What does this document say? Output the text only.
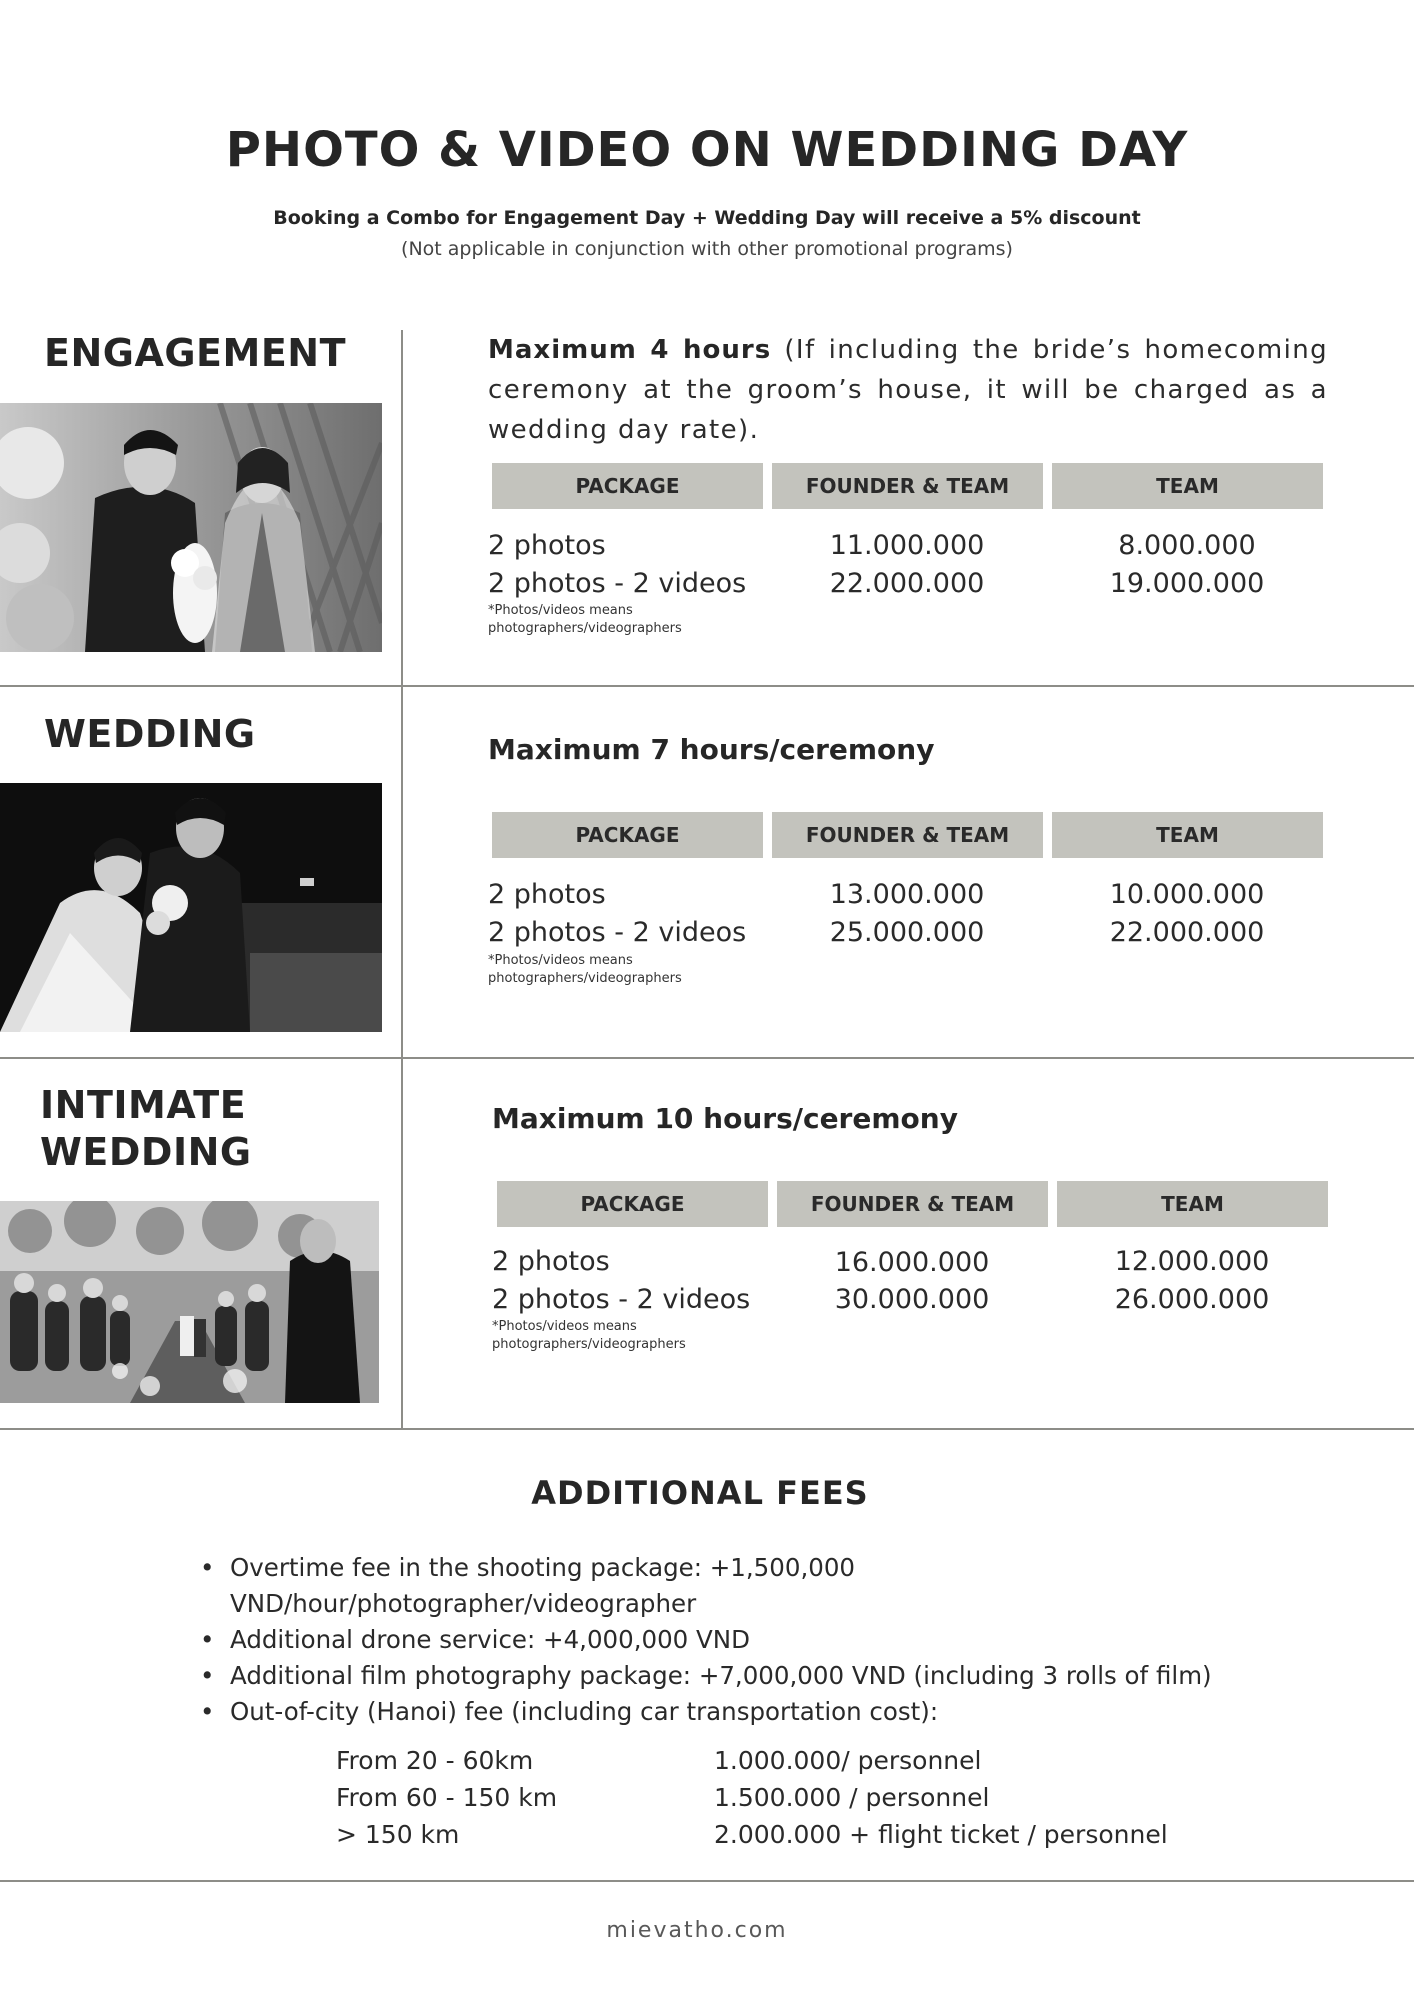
PHOTO & VIDEO ON WEDDING DAY
Booking a Combo for Engagement Day + Wedding Day will receive a 5% discount
(Not applicable in conjunction with other promotional programs)
ENGAGEMENT	Maximum 4 hours (If including the bride’s homecoming ceremony at the groom’s house, it will be charged as a wedding day rate).
PACKAGE	FOUNDER & TEAM	TEAM
2 photos	11.000.000	8.000.000
2 photos - 2 videos	22.000.000	19.000.000
*Photos/videos means photographers/videographers
WEDDING	Maximum 7 hours/ceremony
PACKAGE	FOUNDER & TEAM	TEAM
2 photos	13.000.000	10.000.000
2 photos - 2 videos	25.000.000	22.000.000
*Photos/videos means photographers/videographers
INTIMATE
WEDDING
Maximum 10 hours/ceremony
PACKAGE	FOUNDER & TEAM	TEAM
2 photos	16.000.000	12.000.000
2 photos - 2 videos	30.000.000	26.000.000
*Photos/videos means photographers/videographers
ADDITIONAL FEES
• Overtime fee in the shooting package: +1,500,000 VND/hour/photographer/videographer
• Additional drone service: +4,000,000 VND
• Additional film photography package: +7,000,000 VND (including 3 rolls of film)
• Out-of-city (Hanoi) fee (including car transportation cost):
From 20 - 60km	1.000.000/ personnel
From 60 - 150 km	1.500.000 / personnel
> 150 km	2.000.000 + flight ticket / personnel
mievatho.com
